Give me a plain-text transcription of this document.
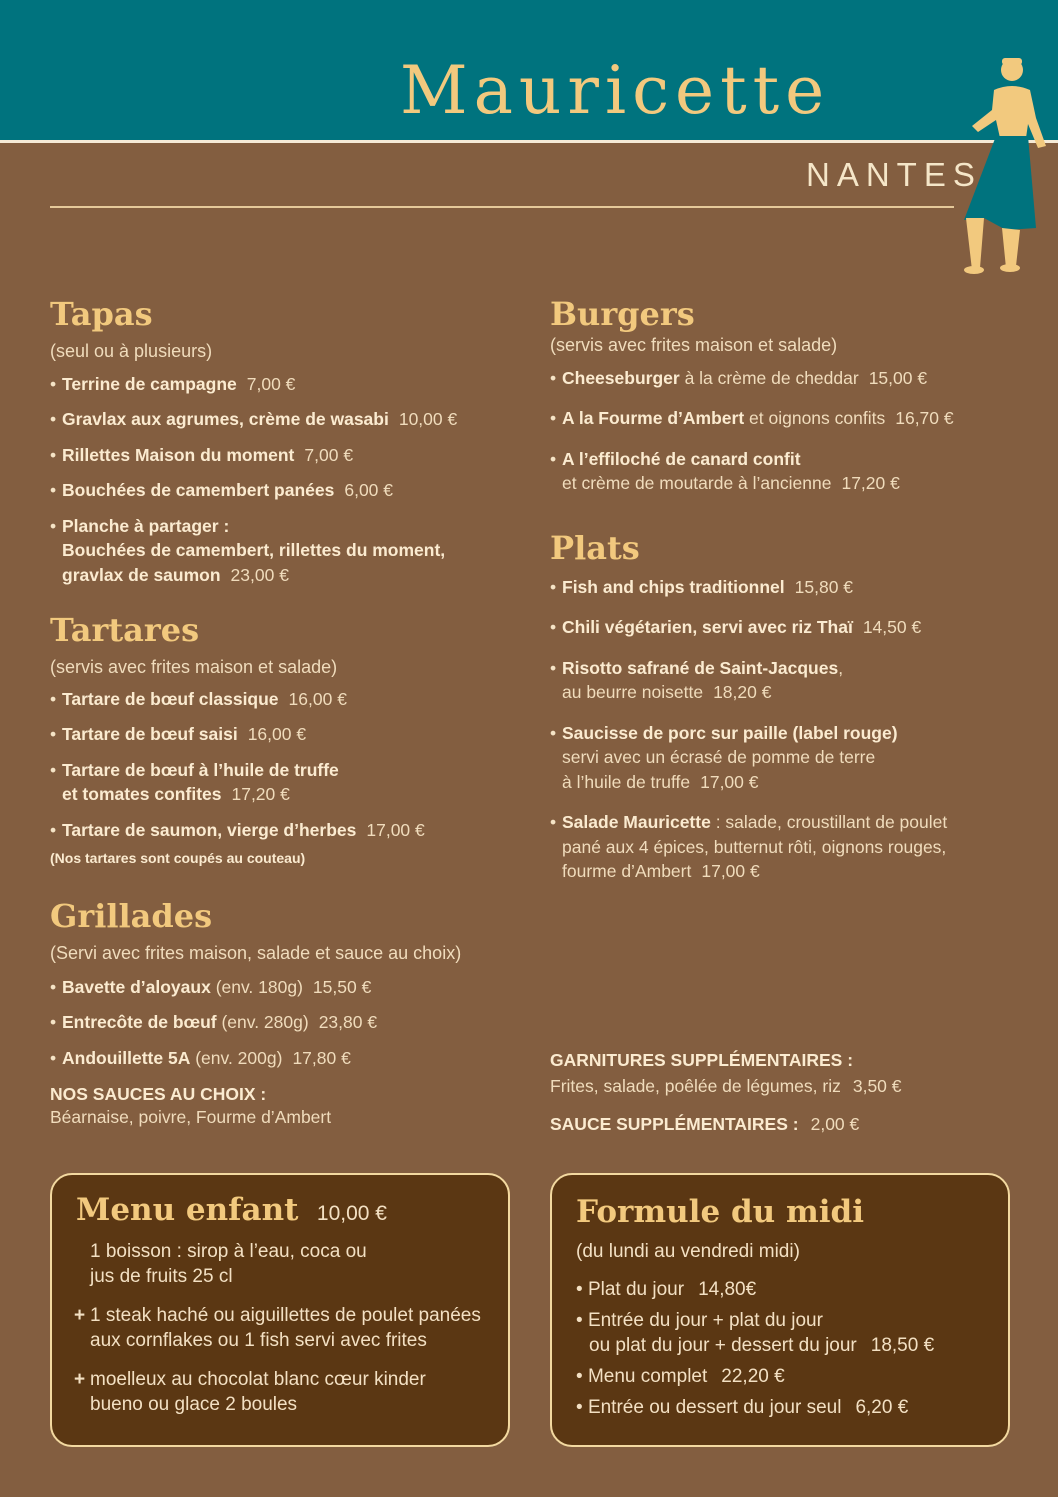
Mauricette
NANTES
Tapas
(seul ou à plusieurs)
• Terrine de campagne 7,00 €
• Gravlax aux agrumes, crème de wasabi 10,00 €
• Rillettes Maison du moment 7,00 €
• Bouchées de camembert panées 6,00 €
• Planche à partager :
Bouchées de camembert, rillettes du moment,
gravlax de saumon 23,00 €
Tartares
(servis avec frites maison et salade)
• Tartare de bœuf classique 16,00 €
• Tartare de bœuf saisi 16,00 €
• Tartare de bœuf à l’huile de truffe
et tomates confites 17,20 €
• Tartare de saumon, vierge d’herbes 17,00 €
(Nos tartares sont coupés au couteau)
Grillades
(Servi avec frites maison, salade et sauce au choix)
• Bavette d’aloyaux (env. 180g) 15,50 €
• Entrecôte de bœuf (env. 280g) 23,80 €
• Andouillette 5A (env. 200g) 17,80 €
NOS SAUCES AU CHOIX :
Béarnaise, poivre, Fourme d’Ambert
Burgers
(servis avec frites maison et salade)
• Cheeseburger à la crème de cheddar 15,00 €
• A la Fourme d’Ambert et oignons confits 16,70 €
• A l’effiloché de canard confit
et crème de moutarde à l’ancienne 17,20 €
Plats
• Fish and chips traditionnel 15,80 €
• Chili végétarien, servi avec riz Thaï 14,50 €
• Risotto safrané de Saint-Jacques,
au beurre noisette 18,20 €
• Saucisse de porc sur paille (label rouge)
servi avec un écrasé de pomme de terre
à l’huile de truffe 17,00 €
• Salade Mauricette : salade, croustillant de poulet
pané aux 4 épices, butternut rôti, oignons rouges,
fourme d’Ambert 17,00 €
GARNITURES SUPPLÉMENTAIRES :
Frites, salade, poêlée de légumes, riz 3,50 €
SAUCE SUPPLÉMENTAIRES : 2,00 €
Menu enfant 10,00 €
1 boisson : sirop à l’eau, coca ou
jus de fruits 25 cl
+ 1 steak haché ou aiguillettes de poulet panées
aux cornflakes ou 1 fish servi avec frites
+ moelleux au chocolat blanc cœur kinder
bueno ou glace 2 boules
Formule du midi
(du lundi au vendredi midi)
• Plat du jour 14,80€
• Entrée du jour + plat du jour
ou plat du jour + dessert du jour 18,50 €
• Menu complet 22,20 €
• Entrée ou dessert du jour seul 6,20 €
